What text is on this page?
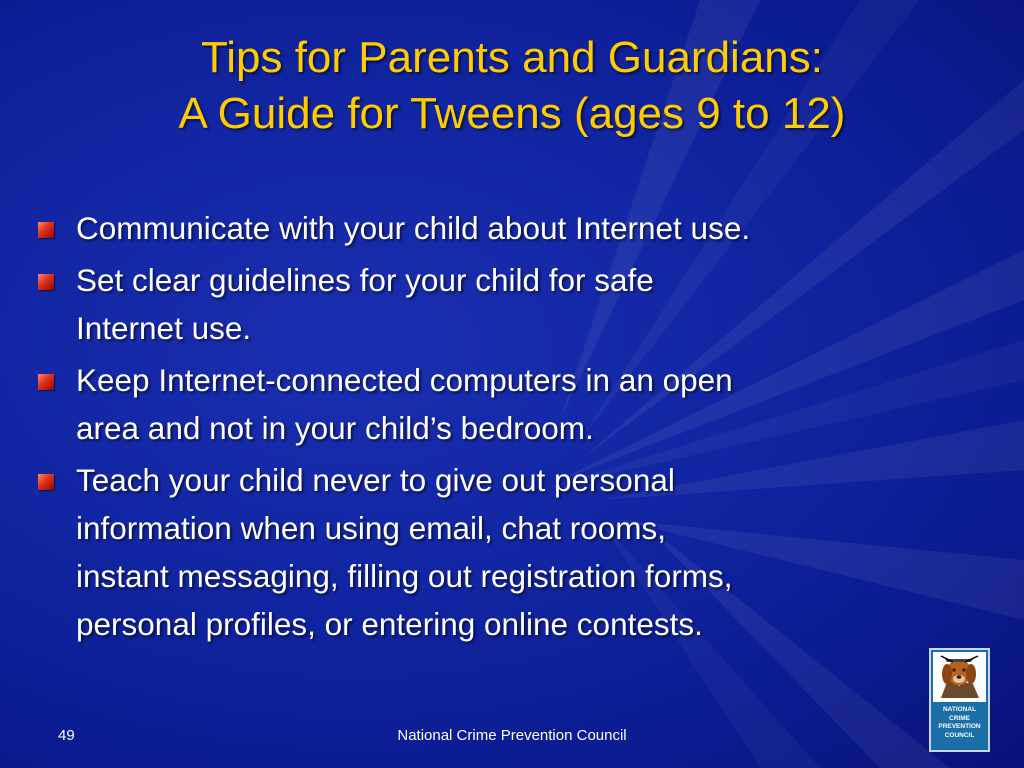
Tips for Parents and Guardians:
A Guide for Tweens (ages 9 to 12)
Communicate with your child about Internet use.
Set clear guidelines for your child for safe
Internet use.
Keep Internet-connected computers in an open
area and not in your child’s bedroom.
Teach your child never to give out personal
information when using email, chat rooms,
instant messaging, filling out registration forms,
personal profiles, or entering online contests.
49	National Crime Prevention Council
NATIONAL
CRIME
PREVENTION
COUNCIL
